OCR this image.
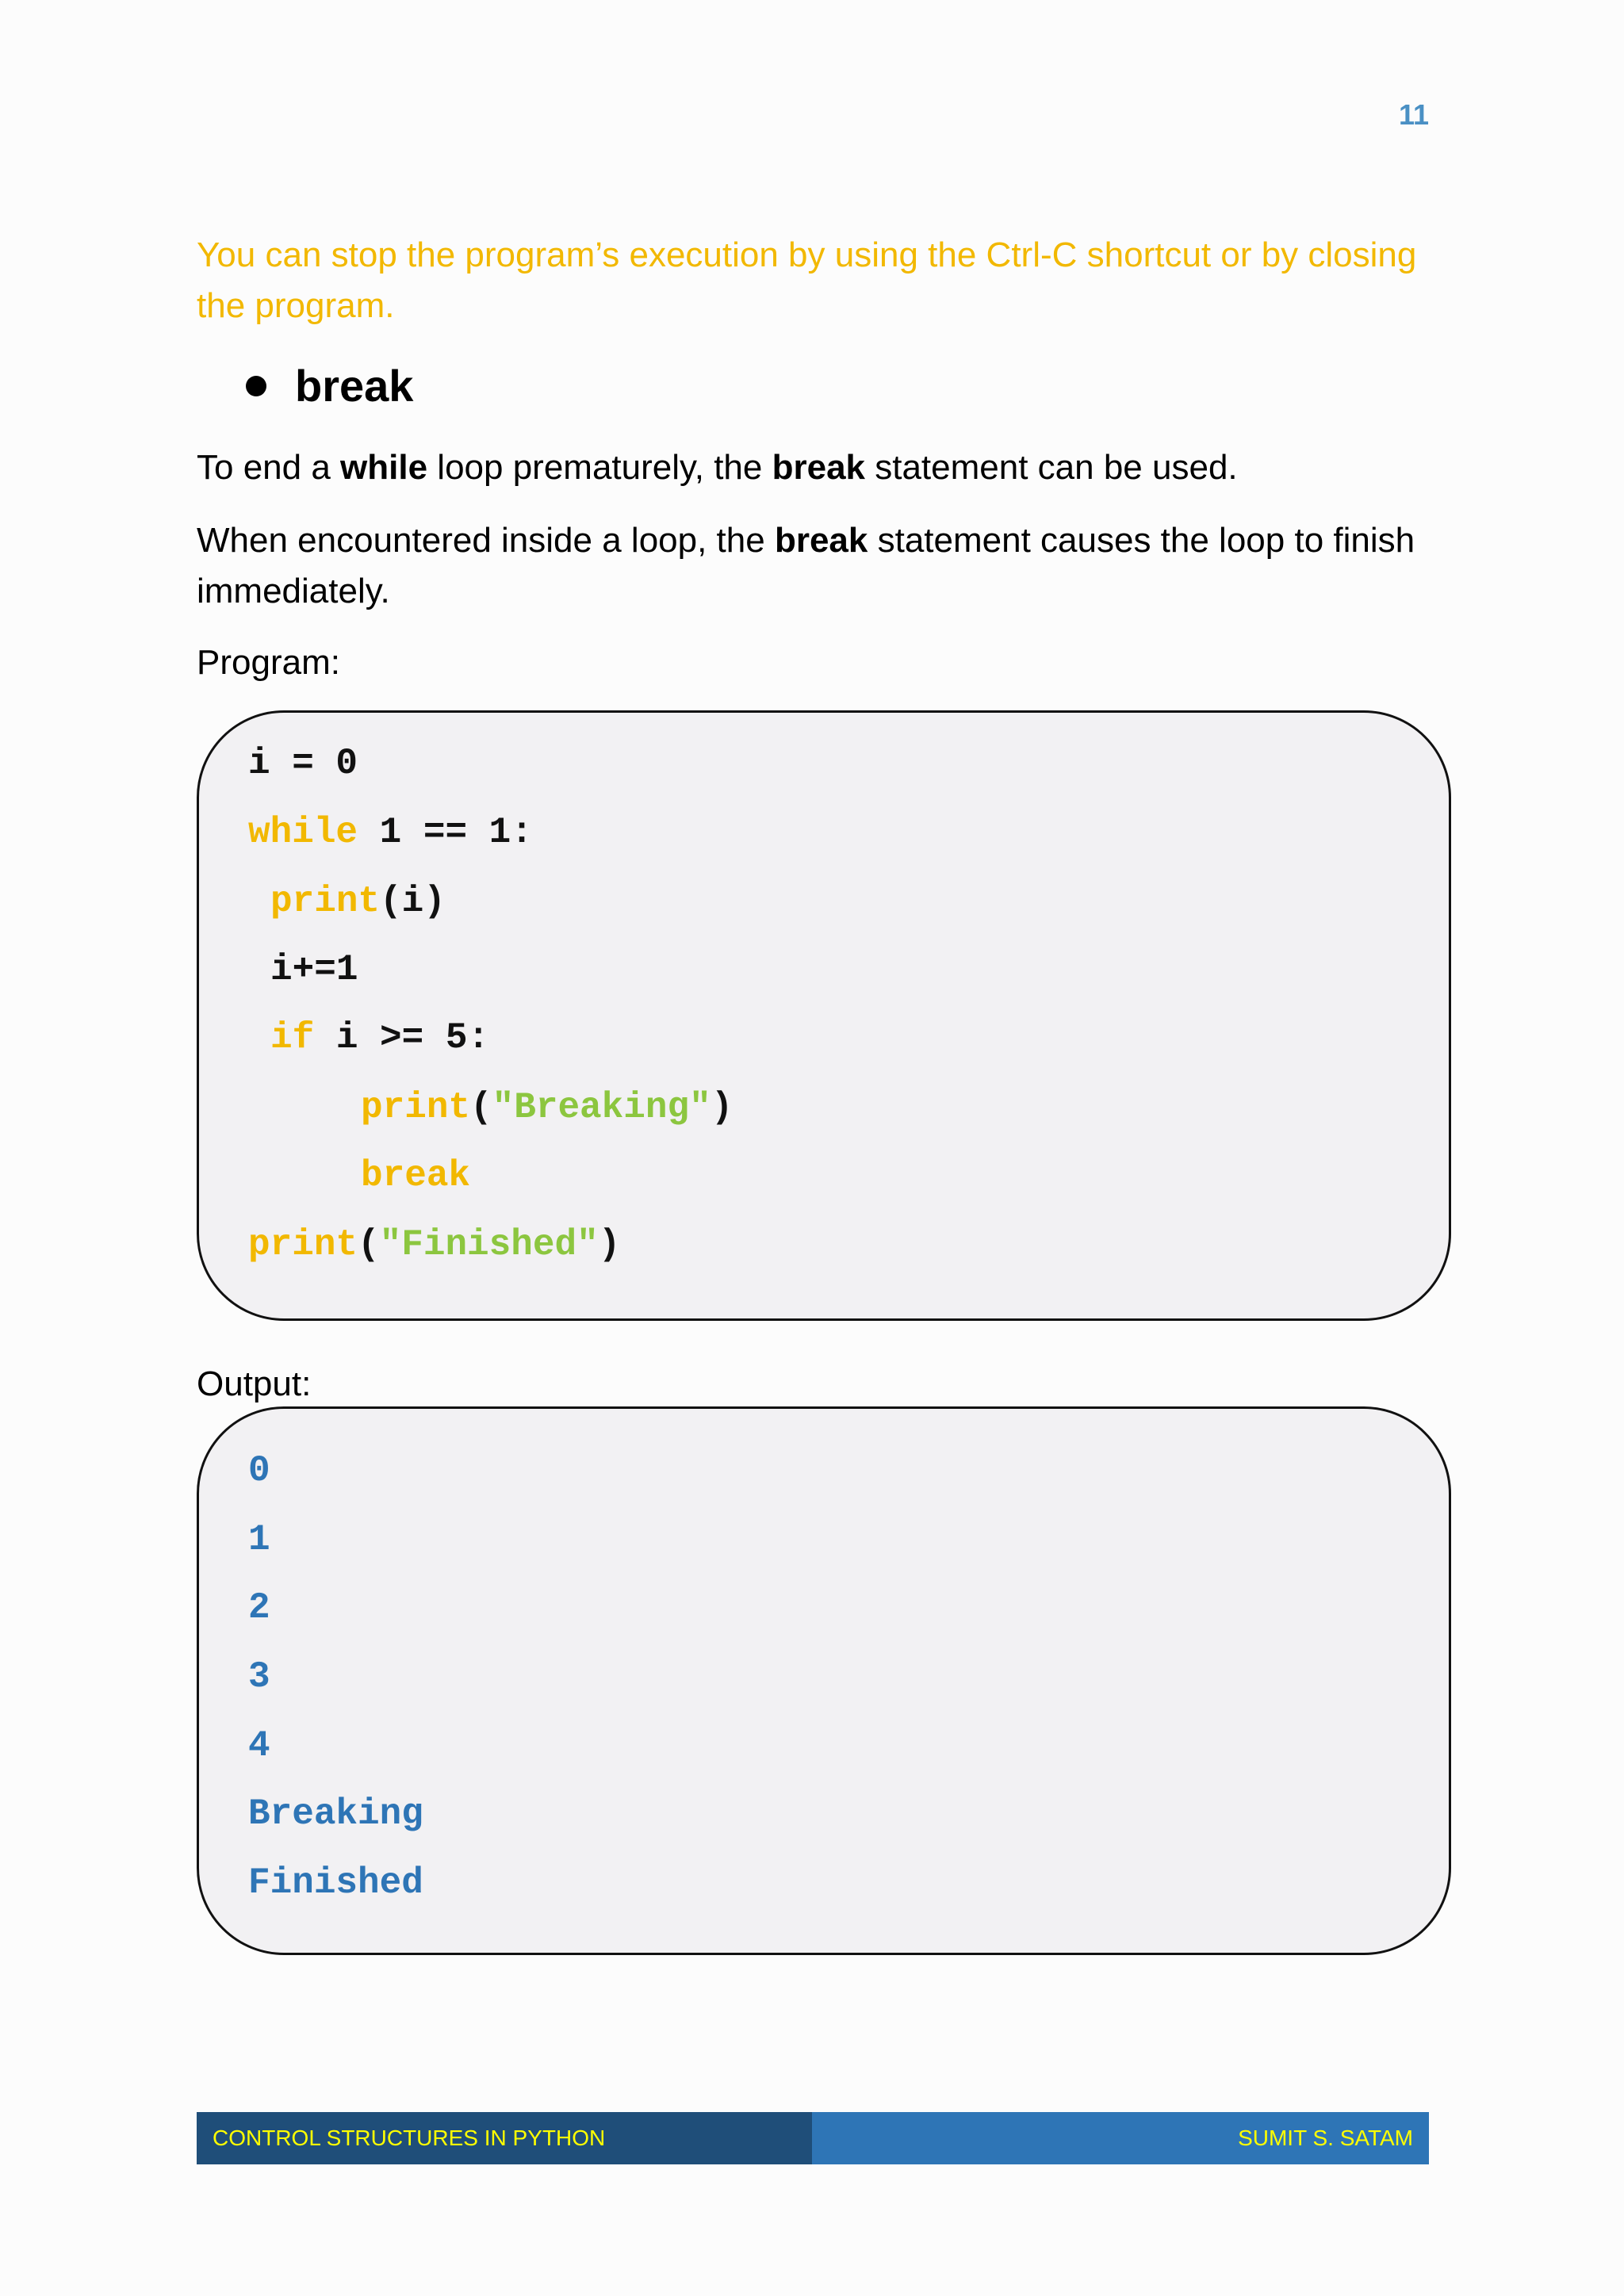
11
You can stop the program’s execution by using the Ctrl-C shortcut or by closing the program.
break
To end a while loop prematurely, the break statement can be used.
When encountered inside a loop, the break statement causes the loop to finish immediately.
Program:
i = 0
while 1 == 1:
print(i)
i+=1
if i >= 5:
print("Breaking")
break
print("Finished")
Output:
0
1
2
3
4
Breaking
Finished
CONTROL STRUCTURES IN PYTHON	SUMIT S. SATAM
